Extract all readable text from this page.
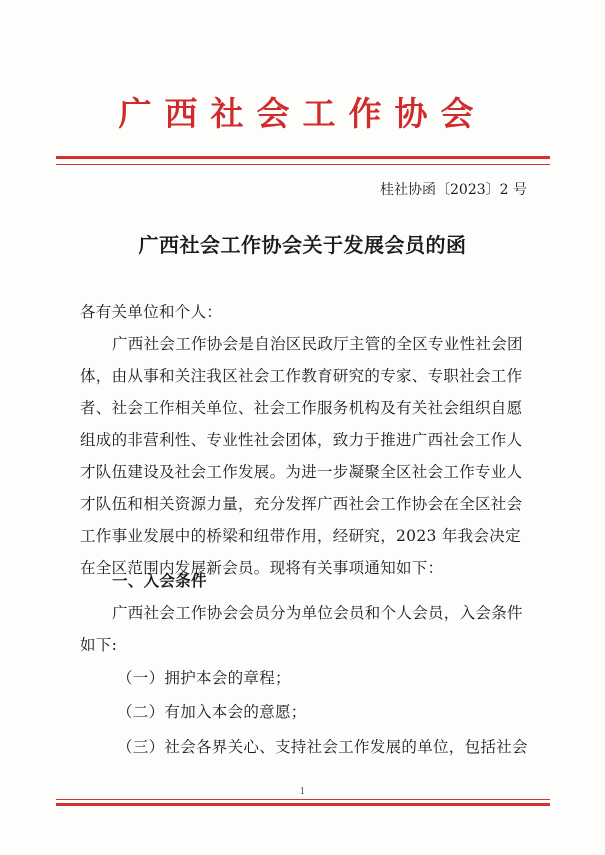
广西社会工作协会
桂社协函〔2023〕2 号
广西社会工作协会关于发展会员的函
各有关单位和个人：
广西社会工作协会是自治区民政厅主管的全区专业性社会团体，由从事和关注我区社会工作教育研究的专家、专职社会工作者、社会工作相关单位、社会工作服务机构及有关社会组织自愿组成的非营利性、专业性社会团体，致力于推进广西社会工作人才队伍建设及社会工作发展。为进一步凝聚全区社会工作专业人才队伍和相关资源力量，充分发挥广西社会工作协会在全区社会工作事业发展中的桥梁和纽带作用，经研究，2023 年我会决定在全区范围内发展新会员。现将有关事项通知如下：
一、入会条件
广西社会工作协会会员分为单位会员和个人会员，入会条件如下:
（一）拥护本会的章程；
（二）有加入本会的意愿；
（三）社会各界关心、支持社会工作发展的单位，包括社会
1
